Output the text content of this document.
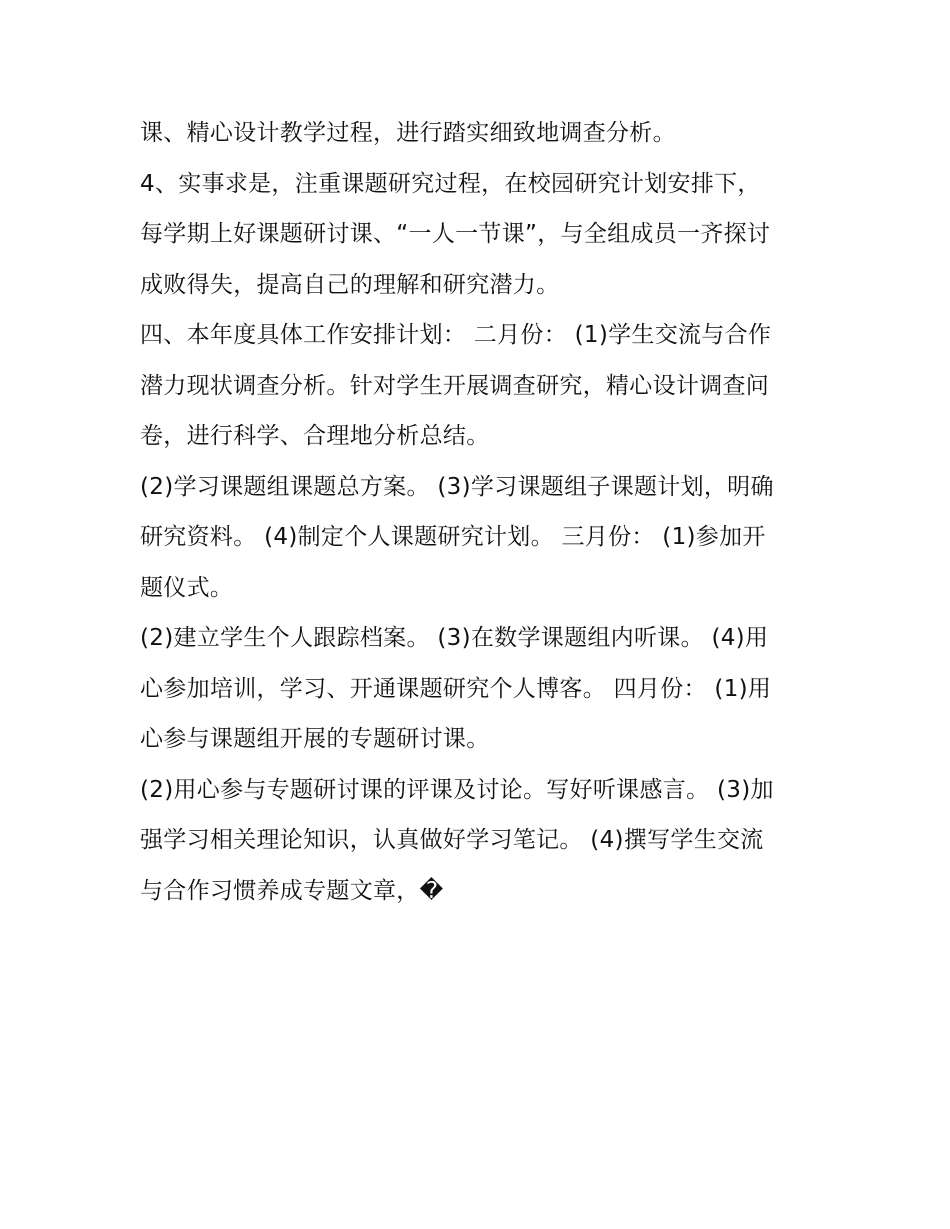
课、精心设计教学过程，进行踏实细致地调查分析。

4、实事求是，注重课题研究过程，在校园研究计划安排下，
每学期上好课题研讨课、“一人一节课”，与全组成员一齐探讨
成败得失，提高自己的理解和研究潜力。

四、本年度具体工作安排计划： 二月份： (1)学生交流与合作
潜力现状调查分析。针对学生开展调查研究，精心设计调查问
卷，进行科学、合理地分析总结。

(2)学习课题组课题总方案。 (3)学习课题组子课题计划，明确
研究资料。 (4)制定个人课题研究计划。 三月份： (1)参加开
题仪式。

(2)建立学生个人跟踪档案。 (3)在数学课题组内听课。 (4)用
心参加培训，学习、开通课题研究个人博客。 四月份： (1)用
心参与课题组开展的专题研讨课。

(2)用心参与专题研讨课的评课及讨论。写好听课感言。 (3)加
强学习相关理论知识，认真做好学习笔记。 (4)撰写学生交流
与合作习惯养成专题文章，�
